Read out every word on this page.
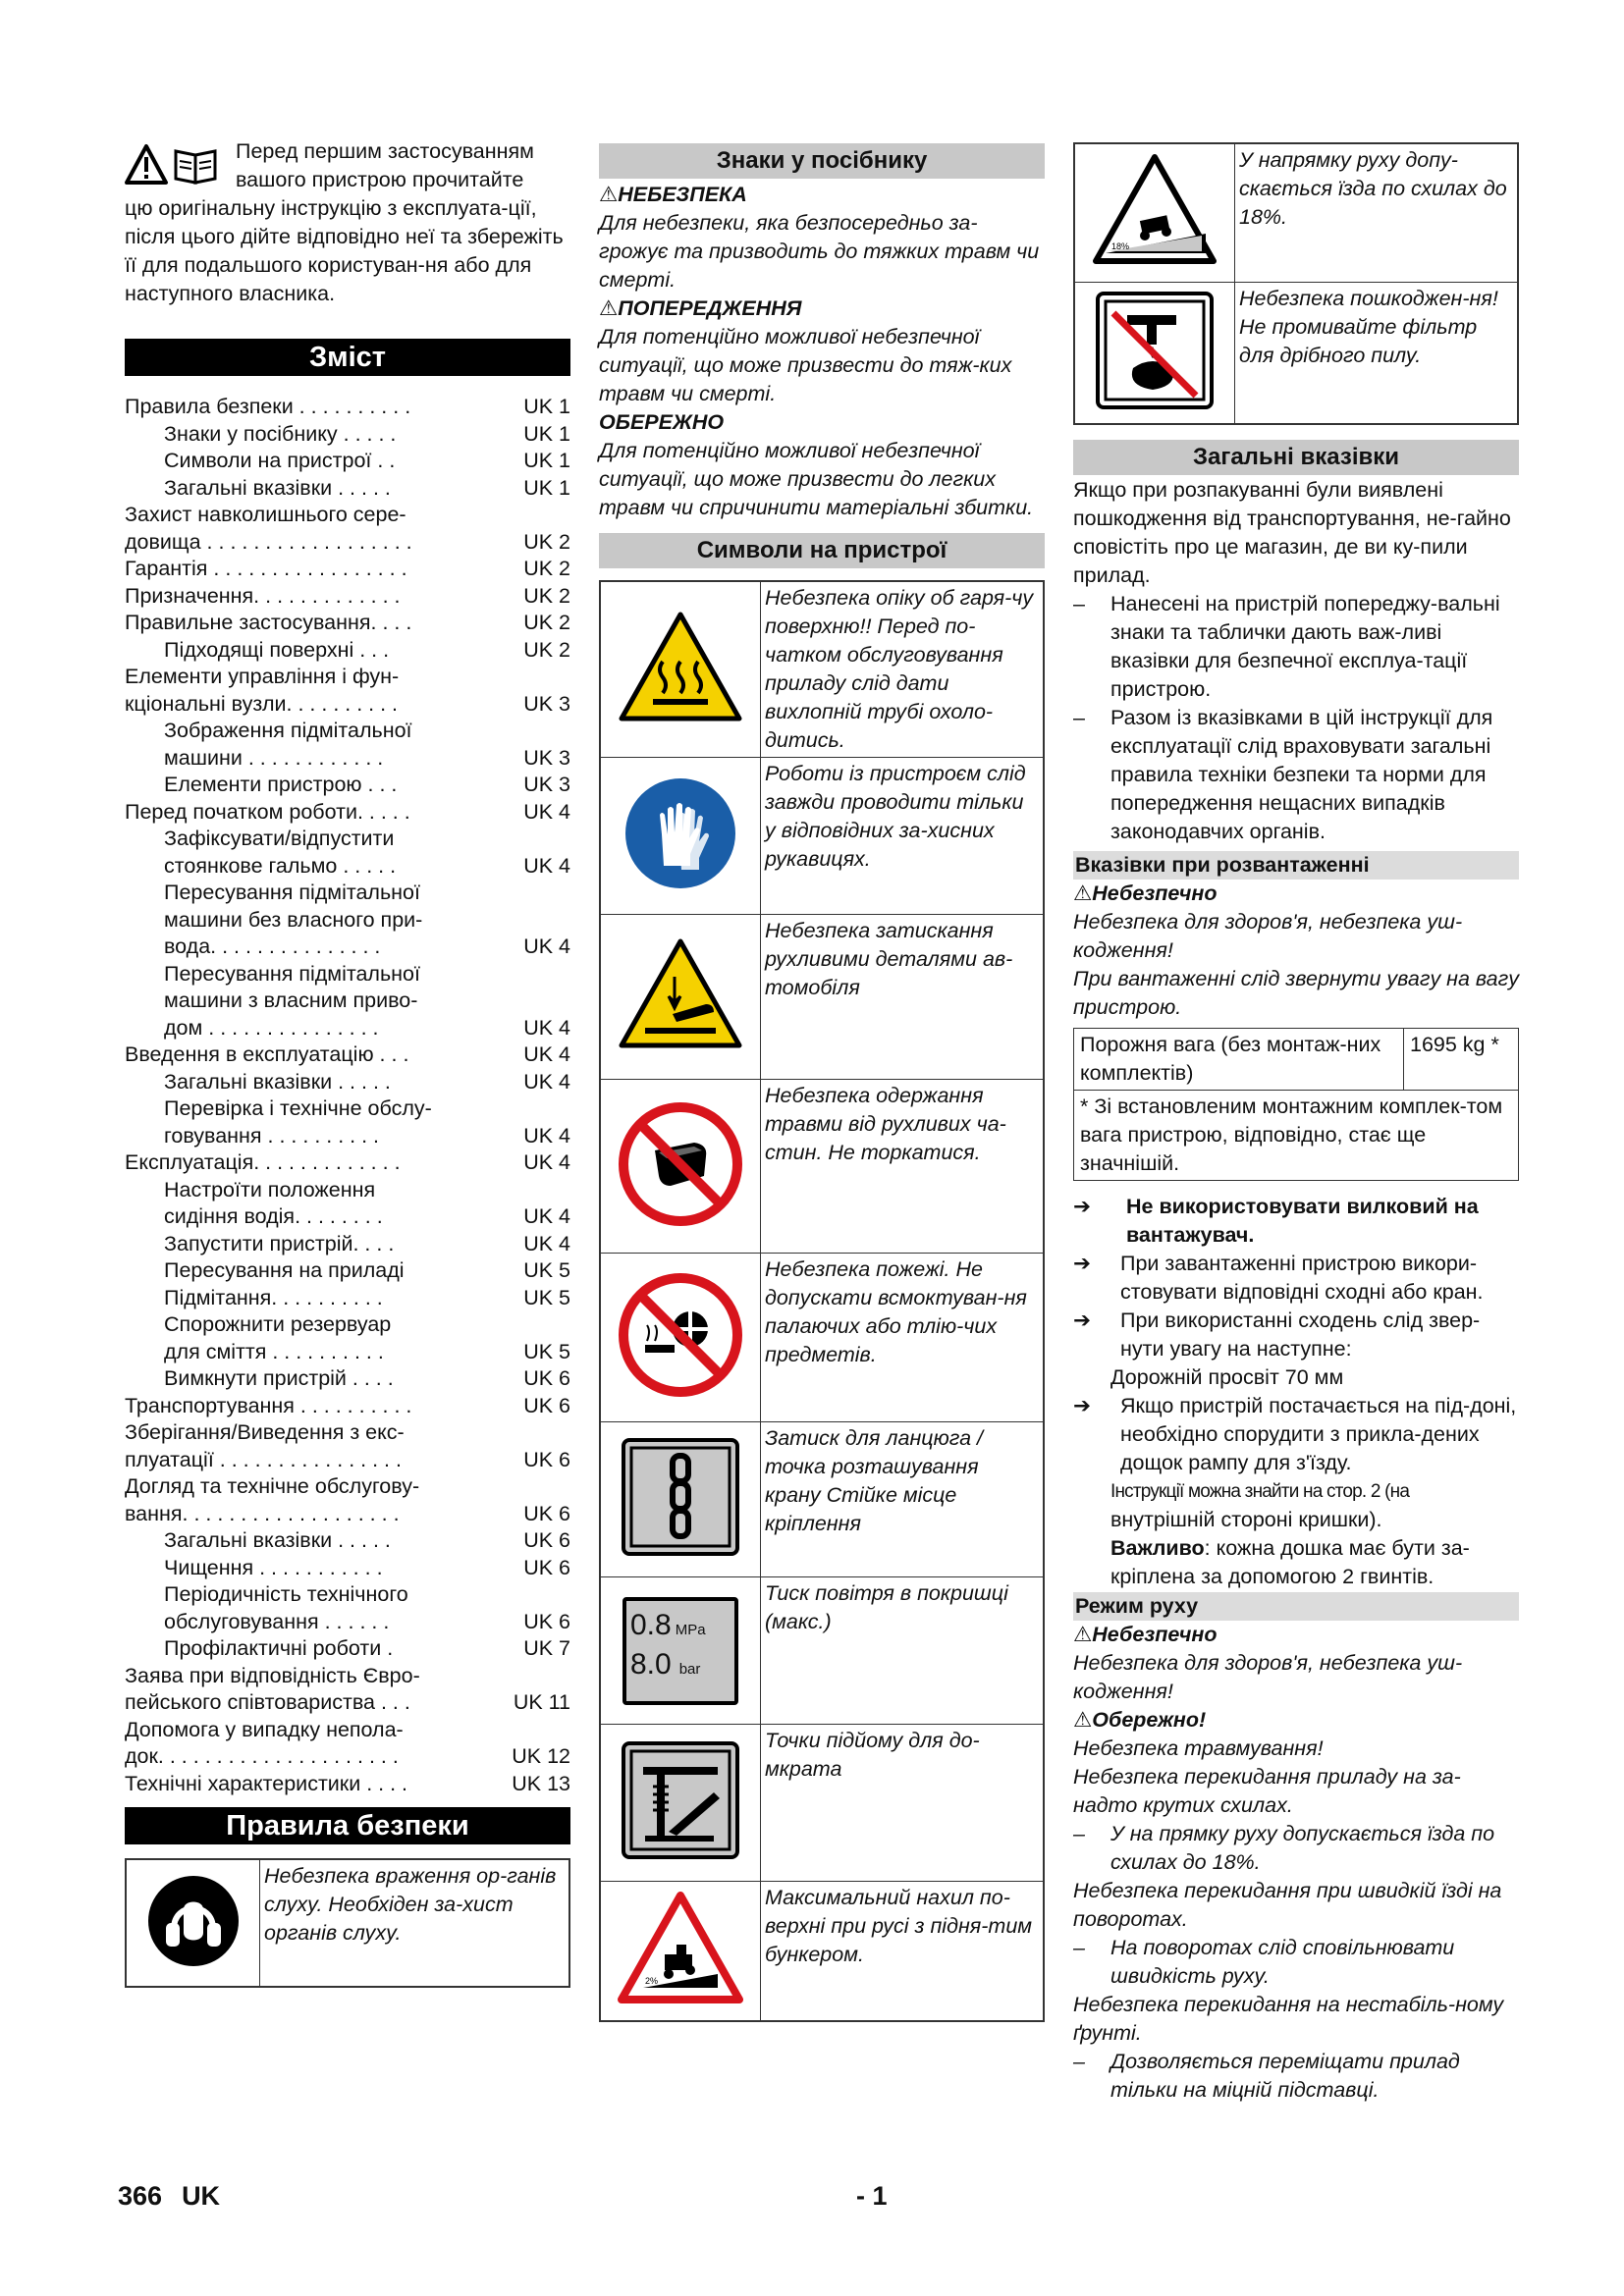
Перед першим застосуванням
вашого пристрою прочитайте
цю оригінальну інструкцію з експлуата-ції, після цього дійте відповідно неї та збережіть її для подальшого користуван-ня або для наступного власника.
Зміст
Правила безпеки . . . . . . . . . .	UK 1
Знаки у посібнику . . . . .	UK 1
Символи на пристрої . .	UK 1
Загальні вказівки . . . . .	UK 1
Захист навколишнього сере-
довища . . . . . . . . . . . . . . . . . .	UK 2
Гарантія . . . . . . . . . . . . . . . . .	UK 2
Призначення. . . . . . . . . . . . .	UK 2
Правильне застосування. . . .	UK 2
Підходящі поверхні . . .	UK 2
Елементи управління і фун-
кціональні вузли. . . . . . . . . .	UK 3
Зображення підмітальної
машини . . . . . . . . . . . .	UK 3
Елементи пристрою . . .	UK 3
Перед початком роботи. . . . .	UK 4
Зафіксувати/відпустити
стоянкове гальмо . . . . .	UK 4
Пересування підмітальної
машини без власного при-
вода. . . . . . . . . . . . . . .	UK 4
Пересування підмітальної
машини з власним приво-
дом . . . . . . . . . . . . . . .	UK 4
Введення в експлуатацію . . .	UK 4
Загальні вказівки . . . . .	UK 4
Перевірка і технічне обслу-
говування . . . . . . . . . .	UK 4
Експлуатація. . . . . . . . . . . . .	UK 4
Настроїти положення
сидіння водія. . . . . . . .	UK 4
Запустити пристрій. . . .	UK 4
Пересування на приладі	UK 5
Підмітання. . . . . . . . . .	UK 5
Спорожнити резервуар
для сміття . . . . . . . . . .	UK 5
Вимкнути пристрій . . . .	UK 6
Транспортування . . . . . . . . . .	UK 6
Зберігання/Виведення з екс-
плуатації . . . . . . . . . . . . . . . .	UK 6
Догляд та технічне обслугову-
вання. . . . . . . . . . . . . . . . . . .	UK 6
Загальні вказівки . . . . .	UK 6
Чищення . . . . . . . . . . .	UK 6
Періодичність технічного
обслуговування . . . . . .	UK 6
Профілактичні роботи .	UK 7
Заява при відповідність Євро-
пейського співтовариства . . .	UK 11
Допомога у випадку непола-
док. . . . . . . . . . . . . . . . . . . . .	UK 12
Технічні характеристики . . . .	UK 13
Правила безпеки
	Небезпека враження ор-ганів слуху. Необхіден за-хист органів слуху.
Знаки у посібнику
⚠НЕБЕЗПЕКА
Для небезпеки, яка безпосередньо за-грожує та призводить до тяжких травм чи смерті.
⚠ПОПЕРЕДЖЕННЯ
Для потенційно можливої небезпечної ситуації, що може призвести до тяж-ких травм чи смерті.
ОБЕРЕЖНО
Для потенційно можливої небезпечної ситуації, що може призвести до легких травм чи спричинити матеріальні збитки.
Символи на пристрої
	Небезпека опіку об гаря-чу поверхню!! Перед по-чатком обслуговування приладу слід дати вихлопній трубі охоло-дитись.
	Роботи із пристроєм слід завжди проводити тільки у відповідних за-хисних рукавицях.
	Небезпека затискання рухливими деталями ав-томобіля
	Небезпека одержання травми від рухливих ча-стин. Не торкатися.
	Небезпека пожежі. Не допускати всмоктуван-ня палаючих або тлію-чих предметів.
	Затиск для ланцюга / точка розташування крану Стійке місце кріплення

0.8 MPa
8.0 bar	Тиск повітря в покришці (макс.)
	Точки підйому для до-мкрата

2%	Максимальний нахил по-верхні при русі з підня-тим бункером.
18%	У напрямку руху допу-скається їзда по схилах до 18%.
	Небезпека пошкоджен-ня! Не промивайте фільтр для дрібного пилу.
Загальні вказівки
Якщо при розпакуванні були виявлені пошкодження від транспортування, не-гайно сповістіть про це магазин, де ви ку-пили прилад.
–	Нанесені на пристрій попереджу-вальні знаки та таблички дають важ-ливі вказівки для безпечної експлуа-тації пристрою.
–	Разом із вказівками в цій інструкції для експлуатації слід враховувати загальні правила техніки безпеки та норми для попередження нещасних випадків законодавчих органів.
Вказівки при розвантаженні
⚠Небезпечно
Небезпека для здоров'я, небезпека уш-кодження!
При вантаженні слід звернути увагу на вагу пристрою.
Порожня вага (без монтаж-них комплектів)	1695 kg *
* Зі встановленим монтажним комплек-том вага пристрою, відповідно, стає ще значнішій.
➔	Не використовувати вилковий на вантажувач.
➔	При завантаженні пристрою викори-стовувати відповідні сходні або кран.
➔	При використанні сходень слід звер-нути увагу на наступне:
Дорожній просвіт 70 мм
➔	Якщо пристрій постачається на під-доні, необхідно спорудити з прикла-дених дощок рампу для з'їзду.
Інструкції можна знайти на стор. 2 (на
внутрішній стороні кришки).
Важливо: кожна дошка має бути за-кріплена за допомогою 2 гвинтів.
Режим руху
⚠Небезпечно
Небезпека для здоров'я, небезпека уш-кодження!
⚠Обережно!
Небезпека травмування!
Небезпека перекидання приладу на за-надто крутих схилах.
–	У на прямку руху допускається їзда по схилах до 18%.
Небезпека перекидання при швидкій їзді на поворотах.
–	На поворотах слід сповільнювати швидкість руху.
Небезпека перекидання на нестабіль-ному ґрунті.
–	Дозволяється переміщати прилад тільки на міцній підставці.
366 UK	- 1
